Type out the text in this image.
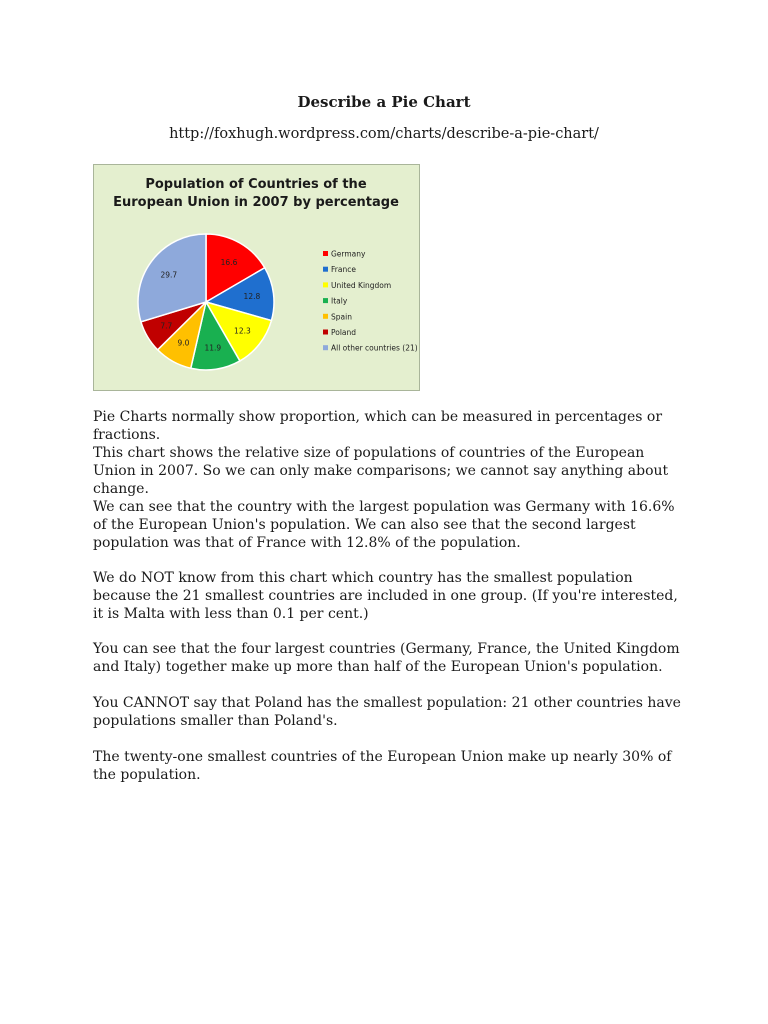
Describe a Pie Chart
http://foxhugh.wordpress.com/charts/describe-a-pie-chart/
Population of Countries of the
European Union in 2007 by percentage
16.6
12.8
12.3
11.9
9.0
7.7
29.7
Germany
France
United Kingdom
Italy
Spain
Poland
All other countries (21)
Pie Charts normally show proportion, which can be measured in percentages or fractions.
This chart shows the relative size of populations of countries of the European Union in 2007. So we can only make comparisons; we cannot say anything about change.
We can see that the country with the largest population was Germany with 16.6% of the European Union's population. We can also see that the second largest population was that of France with 12.8% of the population.
We do NOT know from this chart which country has the smallest population because the 21 smallest countries are included in one group. (If you're interested, it is Malta with less than 0.1 per cent.)
You can see that the four largest countries (Germany, France, the United Kingdom and Italy) together make up more than half of the European Union's population.
You CANNOT say that Poland has the smallest population: 21 other countries have populations smaller than Poland's.
The twenty-one smallest countries of the European Union make up nearly 30% of the population.
